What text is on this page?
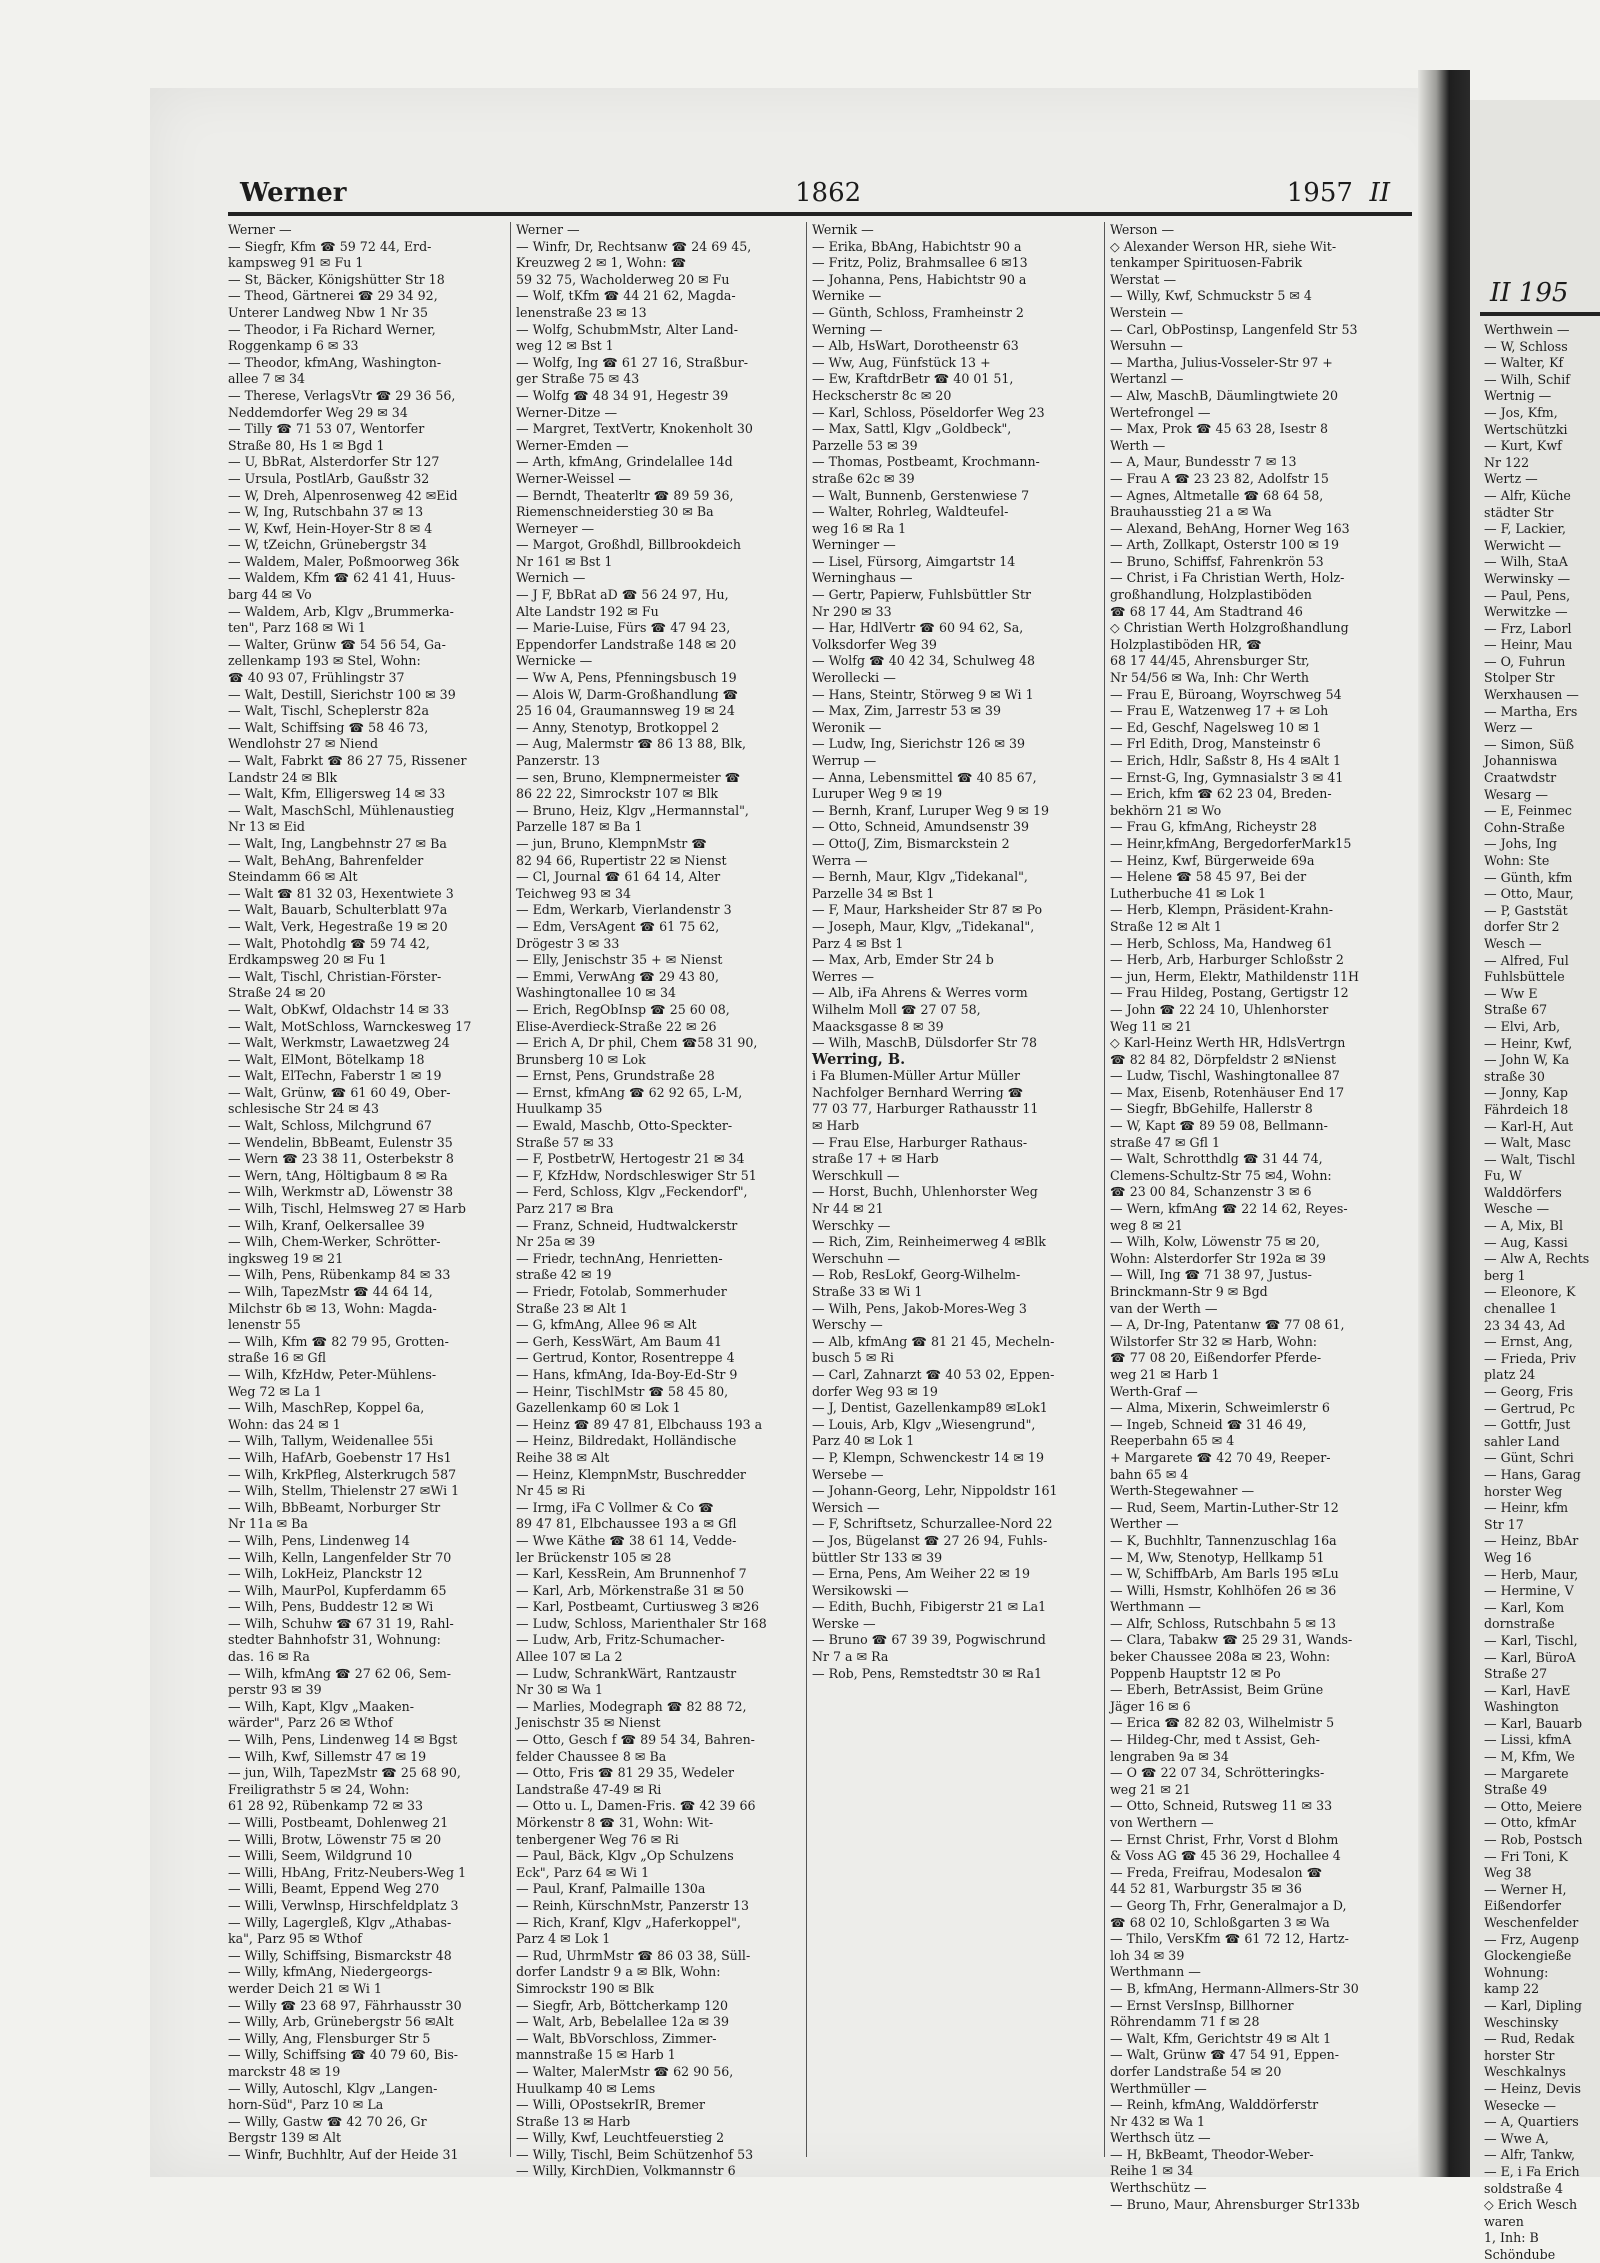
Werner	1862	1957 II
Werner —
— Siegfr, Kfm ☎ 59 72 44, Erd-
kampsweg 91 ✉ Fu 1
— St, Bäcker, Königshütter Str 18
— Theod, Gärtnerei ☎ 29 34 92,
Unterer Landweg Nbw 1 Nr 35
— Theodor, i Fa Richard Werner,
Roggenkamp 6 ✉ 33
— Theodor, kfmAng, Washington-
allee 7 ✉ 34
— Therese, VerlagsVtr ☎ 29 36 56,
Neddemdorfer Weg 29 ✉ 34
— Tilly ☎ 71 53 07, Wentorfer
Straße 80, Hs 1 ✉ Bgd 1
— U, BbRat, Alsterdorfer Str 127
— Ursula, PostlArb, Gaußstr 32
— W, Dreh, Alpenrosenweg 42 ✉Eid
— W, Ing, Rutschbahn 37 ✉ 13
— W, Kwf, Hein-Hoyer-Str 8 ✉ 4
— W, tZeichn, Grünebergstr 34
— Waldem, Maler, Poßmoorweg 36k
— Waldem, Kfm ☎ 62 41 41, Huus-
barg 44 ✉ Vo
— Waldem, Arb, Klgv „Brummerka-
ten", Parz 168 ✉ Wi 1
— Walter, Grünw ☎ 54 56 54, Ga-
zellenkamp 193 ✉ Stel, Wohn:
☎ 40 93 07, Frühlingstr 37
— Walt, Destill, Sierichstr 100 ✉ 39
— Walt, Tischl, Scheplerstr 82a
— Walt, Schiffsing ☎ 58 46 73,
Wendlohstr 27 ✉ Niend
— Walt, Fabrkt ☎ 86 27 75, Rissener
Landstr 24 ✉ Blk
— Walt, Kfm, Elligersweg 14 ✉ 33
— Walt, MaschSchl, Mühlenaustieg
Nr 13 ✉ Eid
— Walt, Ing, Langbehnstr 27 ✉ Ba
— Walt, BehAng, Bahrenfelder
Steindamm 66 ✉ Alt
— Walt ☎ 81 32 03, Hexentwiete 3
— Walt, Bauarb, Schulterblatt 97a
— Walt, Verk, Hegestraße 19 ✉ 20
— Walt, Photohdlg ☎ 59 74 42,
Erdkampsweg 20 ✉ Fu 1
— Walt, Tischl, Christian-Förster-
Straße 24 ✉ 20
— Walt, ObKwf, Oldachstr 14 ✉ 33
— Walt, MotSchloss, Warnckesweg 17
— Walt, Werkmstr, Lawaetzweg 24
— Walt, ElMont, Bötelkamp 18
— Walt, ElTechn, Faberstr 1 ✉ 19
— Walt, Grünw, ☎ 61 60 49, Ober-
schlesische Str 24 ✉ 43
— Walt, Schloss, Milchgrund 67
— Wendelin, BbBeamt, Eulenstr 35
— Wern ☎ 23 38 11, Osterbekstr 8
— Wern, tAng, Höltigbaum 8 ✉ Ra
— Wilh, Werkmstr aD, Löwenstr 38
— Wilh, Tischl, Helmsweg 27 ✉ Harb
— Wilh, Kranf, Oelkersallee 39
— Wilh, Chem-Werker, Schrötter-
ingksweg 19 ✉ 21
— Wilh, Pens, Rübenkamp 84 ✉ 33
— Wilh, TapezMstr ☎ 44 64 14,
Milchstr 6b ✉ 13, Wohn: Magda-
lenenstr 55
— Wilh, Kfm ☎ 82 79 95, Grotten-
straße 16 ✉ Gfl
— Wilh, KfzHdw, Peter-Mühlens-
Weg 72 ✉ La 1
— Wilh, MaschRep, Koppel 6a,
Wohn: das 24 ✉ 1
— Wilh, Tallym, Weidenallee 55i
— Wilh, HafArb, Goebenstr 17 Hs1
— Wilh, KrkPfleg, Alsterkrugch 587
— Wilh, Stellm, Thielenstr 27 ✉Wi 1
— Wilh, BbBeamt, Norburger Str
Nr 11a ✉ Ba
— Wilh, Pens, Lindenweg 14
— Wilh, Kelln, Langenfelder Str 70
— Wilh, LokHeiz, Planckstr 12
— Wilh, MaurPol, Kupferdamm 65
— Wilh, Pens, Buddestr 12 ✉ Wi
— Wilh, Schuhw ☎ 67 31 19, Rahl-
stedter Bahnhofstr 31, Wohnung:
das. 16 ✉ Ra
— Wilh, kfmAng ☎ 27 62 06, Sem-
perstr 93 ✉ 39
— Wilh, Kapt, Klgv „Maaken-
wärder", Parz 26 ✉ Wthof
— Wilh, Pens, Lindenweg 14 ✉ Bgst
— Wilh, Kwf, Sillemstr 47 ✉ 19
— jun, Wilh, TapezMstr ☎ 25 68 90,
Freiligrathstr 5 ✉ 24, Wohn:
61 28 92, Rübenkamp 72 ✉ 33
— Willi, Postbeamt, Dohlenweg 21
— Willi, Brotw, Löwenstr 75 ✉ 20
— Willi, Seem, Wildgrund 10
— Willi, HbAng, Fritz-Neubers-Weg 1
— Willi, Beamt, Eppend Weg 270
— Willi, Verwlnsp, Hirschfeldplatz 3
— Willy, Lagergleß, Klgv „Athabas-
ka", Parz 95 ✉ Wthof
— Willy, Schiffsing, Bismarckstr 48
— Willy, kfmAng, Niedergeorgs-
werder Deich 21 ✉ Wi 1
— Willy ☎ 23 68 97, Fährhausstr 30
— Willy, Arb, Grünebergstr 56 ✉Alt
— Willy, Ang, Flensburger Str 5
— Willy, Schiffsing ☎ 40 79 60, Bis-
marckstr 48 ✉ 19
— Willy, Autoschl, Klgv „Langen-
horn-Süd", Parz 10 ✉ La
— Willy, Gastw ☎ 42 70 26, Gr
Bergstr 139 ✉ Alt
— Winfr, Buchhltr, Auf der Heide 31
Werner —
— Winfr, Dr, Rechtsanw ☎ 24 69 45,
Kreuzweg 2 ✉ 1, Wohn: ☎
59 32 75, Wacholderweg 20 ✉ Fu
— Wolf, tKfm ☎ 44 21 62, Magda-
lenenstraße 23 ✉ 13
— Wolfg, SchubmMstr, Alter Land-
weg 12 ✉ Bst 1
— Wolfg, Ing ☎ 61 27 16, Straßbur-
ger Straße 75 ✉ 43
— Wolfg ☎ 48 34 91, Hegestr 39
Werner-Ditze —
— Margret, TextVertr, Knokenholt 30
Werner-Emden —
— Arth, kfmAng, Grindelallee 14d
Werner-Weissel —
— Berndt, Theaterltr ☎ 89 59 36,
Riemenschneiderstieg 30 ✉ Ba
Werneyer —
— Margot, Großhdl, Billbrookdeich
Nr 161 ✉ Bst 1
Wernich —
— J F, BbRat aD ☎ 56 24 97, Hu,
Alte Landstr 192 ✉ Fu
— Marie-Luise, Fürs ☎ 47 94 23,
Eppendorfer Landstraße 148 ✉ 20
Wernicke —
— Ww A, Pens, Pfenningsbusch 19
— Alois W, Darm-Großhandlung ☎
25 16 04, Graumannsweg 19 ✉ 24
— Anny, Stenotyp, Brotkoppel 2
— Aug, Malermstr ☎ 86 13 88, Blk,
Panzerstr. 13
— sen, Bruno, Klempnermeister ☎
86 22 22, Simrockstr 107 ✉ Blk
— Bruno, Heiz, Klgv „Hermannstal",
Parzelle 187 ✉ Ba 1
— jun, Bruno, KlempnMstr ☎
82 94 66, Rupertistr 22 ✉ Nienst
— Cl, Journal ☎ 61 64 14, Alter
Teichweg 93 ✉ 34
— Edm, Werkarb, Vierlandenstr 3
— Edm, VersAgent ☎ 61 75 62,
Drögestr 3 ✉ 33
— Elly, Jenischstr 35 + ✉ Nienst
— Emmi, VerwAng ☎ 29 43 80,
Washingtonallee 10 ✉ 34
— Erich, RegObInsp ☎ 25 60 08,
Elise-Averdieck-Straße 22 ✉ 26
— Erich A, Dr phil, Chem ☎58 31 90,
Brunsberg 10 ✉ Lok
— Ernst, Pens, Grundstraße 28
— Ernst, kfmAng ☎ 62 92 65, L-M,
Huulkamp 35
— Ewald, Maschb, Otto-Speckter-
Straße 57 ✉ 33
— F, PostbetrW, Hertogestr 21 ✉ 34
— F, KfzHdw, Nordschleswiger Str 51
— Ferd, Schloss, Klgv „Feckendorf",
Parz 217 ✉ Bra
— Franz, Schneid, Hudtwalckerstr
Nr 25a ✉ 39
— Friedr, technAng, Henrietten-
straße 42 ✉ 19
— Friedr, Fotolab, Sommerhuder
Straße 23 ✉ Alt 1
— G, kfmAng, Allee 96 ✉ Alt
— Gerh, KessWärt, Am Baum 41
— Gertrud, Kontor, Rosentreppe 4
— Hans, kfmAng, Ida-Boy-Ed-Str 9
— Heinr, TischlMstr ☎ 58 45 80,
Gazellenkamp 60 ✉ Lok 1
— Heinz ☎ 89 47 81, Elbchauss 193 a
— Heinz, Bildredakt, Holländische
Reihe 38 ✉ Alt
— Heinz, KlempnMstr, Buschredder
Nr 45 ✉ Ri
— Irmg, iFa C Vollmer & Co ☎
89 47 81, Elbchaussee 193 a ✉ Gfl
— Wwe Käthe ☎ 38 61 14, Vedde-
ler Brückenstr 105 ✉ 28
— Karl, KessRein, Am Brunnenhof 7
— Karl, Arb, Mörkenstraße 31 ✉ 50
— Karl, Postbeamt, Curtiusweg 3 ✉26
— Ludw, Schloss, Marienthaler Str 168
— Ludw, Arb, Fritz-Schumacher-
Allee 107 ✉ La 2
— Ludw, SchrankWärt, Rantzaustr
Nr 30 ✉ Wa 1
— Marlies, Modegraph ☎ 82 88 72,
Jenischstr 35 ✉ Nienst
— Otto, Gesch f ☎ 89 54 34, Bahren-
felder Chaussee 8 ✉ Ba
— Otto, Fris ☎ 81 29 35, Wedeler
Landstraße 47-49 ✉ Ri
— Otto u. L, Damen-Fris. ☎ 42 39 66
Mörkenstr 8 ☎ 31, Wohn: Wit-
tenbergener Weg 76 ✉ Ri
— Paul, Bäck, Klgv „Op Schulzens
Eck", Parz 64 ✉ Wi 1
— Paul, Kranf, Palmaille 130a
— Reinh, KürschnMstr, Panzerstr 13
— Rich, Kranf, Klgv „Haferkoppel",
Parz 4 ✉ Lok 1
— Rud, UhrmMstr ☎ 86 03 38, Süll-
dorfer Landstr 9 a ✉ Blk, Wohn:
Simrockstr 190 ✉ Blk
— Siegfr, Arb, Böttcherkamp 120
— Walt, Arb, Bebelallee 12a ✉ 39
— Walt, BbVorschloss, Zimmer-
mannstraße 15 ✉ Harb 1
— Walter, MalerMstr ☎ 62 90 56,
Huulkamp 40 ✉ Lems
— Willi, OPostsekrIR, Bremer
Straße 13 ✉ Harb
— Willy, Kwf, Leuchtfeuerstieg 2
— Willy, Tischl, Beim Schützenhof 53
— Willy, KirchDien, Volkmannstr 6
Wernik —
— Erika, BbAng, Habichtstr 90 a
— Fritz, Poliz, Brahmsallee 6 ✉13
— Johanna, Pens, Habichtstr 90 a
Wernike —
— Günth, Schloss, Framheinstr 2
Werning —
— Alb, HsWart, Dorotheenstr 63
— Ww, Aug, Fünfstück 13 +
— Ew, KraftdrBetr ☎ 40 01 51,
Heckscherstr 8c ✉ 20
— Karl, Schloss, Pöseldorfer Weg 23
— Max, Sattl, Klgv „Goldbeck",
Parzelle 53 ✉ 39
— Thomas, Postbeamt, Krochmann-
straße 62c ✉ 39
— Walt, Bunnenb, Gerstenwiese 7
— Walter, Rohrleg, Waldteufel-
weg 16 ✉ Ra 1
Werninger —
— Lisel, Fürsorg, Aimgartstr 14
Werninghaus —
— Gertr, Papierw, Fuhlsbüttler Str
Nr 290 ✉ 33
— Har, HdlVertr ☎ 60 94 62, Sa,
Volksdorfer Weg 39
— Wolfg ☎ 40 42 34, Schulweg 48
Werollecki —
— Hans, Steintr, Störweg 9 ✉ Wi 1
— Max, Zim, Jarrestr 53 ✉ 39
Weronik —
— Ludw, Ing, Sierichstr 126 ✉ 39
Werrup —
— Anna, Lebensmittel ☎ 40 85 67,
Luruper Weg 9 ✉ 19
— Bernh, Kranf, Luruper Weg 9 ✉ 19
— Otto, Schneid, Amundsenstr 39
— Otto(J, Zim, Bismarckstein 2
Werra —
— Bernh, Maur, Klgv „Tidekanal",
Parzelle 34 ✉ Bst 1
— F, Maur, Harksheider Str 87 ✉ Po
— Joseph, Maur, Klgv, „Tidekanal",
Parz 4 ✉ Bst 1
— Max, Arb, Emder Str 24 b
Werres —
— Alb, iFa Ahrens & Werres vorm
Wilhelm Moll ☎ 27 07 58,
Maacksgasse 8 ✉ 39
— Wilh, MaschB, Dülsdorfer Str 78
Werring, B.
i Fa Blumen-Müller Artur Müller
Nachfolger Bernhard Werring ☎
77 03 77, Harburger Rathausstr 11
✉ Harb
— Frau Else, Harburger Rathaus-
straße 17 + ✉ Harb
Werschkull —
— Horst, Buchh, Uhlenhorster Weg
Nr 44 ✉ 21
Werschky —
— Rich, Zim, Reinheimerweg 4 ✉Blk
Werschuhn —
— Rob, ResLokf, Georg-Wilhelm-
Straße 33 ✉ Wi 1
— Wilh, Pens, Jakob-Mores-Weg 3
Werschy —
— Alb, kfmAng ☎ 81 21 45, Mecheln-
busch 5 ✉ Ri
— Carl, Zahnarzt ☎ 40 53 02, Eppen-
dorfer Weg 93 ✉ 19
— J, Dentist, Gazellenkamp89 ✉Lok1
— Louis, Arb, Klgv „Wiesengrund",
Parz 40 ✉ Lok 1
— P, Klempn, Schwenckestr 14 ✉ 19
Wersebe —
— Johann-Georg, Lehr, Nippoldstr 161
Wersich —
— F, Schriftsetz, Schurzallee-Nord 22
— Jos, Bügelanst ☎ 27 26 94, Fuhls-
büttler Str 133 ✉ 39
— Erna, Pens, Am Weiher 22 ✉ 19
Wersikowski —
— Edith, Buchh, Fibigerstr 21 ✉ La1
Werske —
— Bruno ☎ 67 39 39, Pogwischrund
Nr 7 a ✉ Ra
— Rob, Pens, Remstedtstr 30 ✉ Ra1
Werson —
◇ Alexander Werson HR, siehe Wit-
tenkamper Spirituosen-Fabrik
Werstat —
— Willy, Kwf, Schmuckstr 5 ✉ 4
Werstein —
— Carl, ObPostinsp, Langenfeld Str 53
Wersuhn —
— Martha, Julius-Vosseler-Str 97 +
Wertanzl —
— Alw, MaschB, Däumlingtwiete 20
Wertefrongel —
— Max, Prok ☎ 45 63 28, Isestr 8
Werth —
— A, Maur, Bundesstr 7 ✉ 13
— Frau A ☎ 23 23 82, Adolfstr 15
— Agnes, Altmetalle ☎ 68 64 58,
Brauhausstieg 21 a ✉ Wa
— Alexand, BehAng, Horner Weg 163
— Arth, Zollkapt, Osterstr 100 ✉ 19
— Bruno, Schiffsf, Fahrenkrön 53
— Christ, i Fa Christian Werth, Holz-
großhandlung, Holzplastiböden
☎ 68 17 44, Am Stadtrand 46
◇ Christian Werth Holzgroßhandlung
Holzplastiböden HR, ☎
68 17 44/45, Ahrensburger Str,
Nr 54/56 ✉ Wa, Inh: Chr Werth
— Frau E, Büroang, Woyrschweg 54
— Frau E, Watzenweg 17 + ✉ Loh
— Ed, Geschf, Nagelsweg 10 ✉ 1
— Frl Edith, Drog, Mansteinstr 6
— Erich, Hdlr, Saßstr 8, Hs 4 ✉Alt 1
— Ernst-G, Ing, Gymnasialstr 3 ✉ 41
— Erich, kfm ☎ 62 23 04, Breden-
bekhörn 21 ✉ Wo
— Frau G, kfmAng, Richeystr 28
— Heinr,kfmAng, BergedorferMark15
— Heinz, Kwf, Bürgerweide 69a
— Helene ☎ 58 45 97, Bei der
Lutherbuche 41 ✉ Lok 1
— Herb, Klempn, Präsident-Krahn-
Straße 12 ✉ Alt 1
— Herb, Schloss, Ma, Handweg 61
— Herb, Arb, Harburger Schloßstr 2
— jun, Herm, Elektr, Mathildenstr 11H
— Frau Hildeg, Postang, Gertigstr 12
— John ☎ 22 24 10, Uhlenhorster
Weg 11 ✉ 21
◇ Karl-Heinz Werth HR, HdlsVertrgn
☎ 82 84 82, Dörpfeldstr 2 ✉Nienst
— Ludw, Tischl, Washingtonallee 87
— Max, Eisenb, Rotenhäuser End 17
— Siegfr, BbGehilfe, Hallerstr 8
— W, Kapt ☎ 89 59 08, Bellmann-
straße 47 ✉ Gfl 1
— Walt, Schrotthdlg ☎ 31 44 74,
Clemens-Schultz-Str 75 ✉4, Wohn:
☎ 23 00 84, Schanzenstr 3 ✉ 6
— Wern, kfmAng ☎ 22 14 62, Reyes-
weg 8 ✉ 21
— Wilh, Kolw, Löwenstr 75 ✉ 20,
Wohn: Alsterdorfer Str 192a ✉ 39
— Will, Ing ☎ 71 38 97, Justus-
Brinckmann-Str 9 ✉ Bgd
van der Werth —
— A, Dr-Ing, Patentanw ☎ 77 08 61,
Wilstorfer Str 32 ✉ Harb, Wohn:
☎ 77 08 20, Eißendorfer Pferde-
weg 21 ✉ Harb 1
Werth-Graf —
— Alma, Mixerin, Schweimlerstr 6
— Ingeb, Schneid ☎ 31 46 49,
Reeperbahn 65 ✉ 4
+ Margarete ☎ 42 70 49, Reeper-
bahn 65 ✉ 4
Werth-Stegewahner —
— Rud, Seem, Martin-Luther-Str 12
Werther —
— K, Buchhltr, Tannenzuschlag 16a
— M, Ww, Stenotyp, Hellkamp 51
— W, SchiffbArb, Am Barls 195 ✉Lu
— Willi, Hsmstr, Kohlhöfen 26 ✉ 36
Werthmann —
— Alfr, Schloss, Rutschbahn 5 ✉ 13
— Clara, Tabakw ☎ 25 29 31, Wands-
beker Chaussee 208a ✉ 23, Wohn:
Poppenb Hauptstr 12 ✉ Po
— Eberh, BetrAssist, Beim Grüne
Jäger 16 ✉ 6
— Erica ☎ 82 82 03, Wilhelmistr 5
— Hildeg-Chr, med t Assist, Geh-
lengraben 9a ✉ 34
— O ☎ 22 07 34, Schrötteringks-
weg 21 ✉ 21
— Otto, Schneid, Rutsweg 11 ✉ 33
von Werthern —
— Ernst Christ, Frhr, Vorst d Blohm
& Voss AG ☎ 45 36 29, Hochallee 4
— Freda, Freifrau, Modesalon ☎
44 52 81, Warburgstr 35 ✉ 36
— Georg Th, Frhr, Generalmajor a D,
☎ 68 02 10, Schloßgarten 3 ✉ Wa
— Thilo, VersKfm ☎ 61 72 12, Hartz-
loh 34 ✉ 39
Werthmann —
— B, kfmAng, Hermann-Allmers-Str 30
— Ernst VersInsp, Billhorner
Röhrendamm 71 f ✉ 28
— Walt, Kfm, Gerichtstr 49 ✉ Alt 1
— Walt, Grünw ☎ 47 54 91, Eppen-
dorfer Landstraße 54 ✉ 20
Werthmüller —
— Reinh, kfmAng, Walddörferstr
Nr 432 ✉ Wa 1
Werthsch ütz —
— H, BkBeamt, Theodor-Weber-
Reihe 1 ✉ 34
Werthschütz —
— Bruno, Maur, Ahrensburger Str133b
II 195
Werthwein —
— W, Schloss
— Walter, Kf
— Wilh, Schif
Wertnig —
— Jos, Kfm,
Wertschützki
— Kurt, Kwf
Nr 122
Wertz —
— Alfr, Küche
städter Str
— F, Lackier,
Werwicht —
— Wilh, StaA
Werwinsky —
— Paul, Pens,
Werwitzke —
— Frz, Laborl
— Heinr, Mau
— O, Fuhrun
Stolper Str
Werxhausen —
— Martha, Ers
Werz —
— Simon, Süß
Johanniswa
Craatwdstr
Wesarg —
— E, Feinmec
Cohn-Straße
— Johs, Ing
Wohn: Ste
— Günth, kfm
— Otto, Maur,
— P, Gaststät
dorfer Str 2
Wesch —
— Alfred, Ful
Fuhlsbüttele
— Ww E
Straße 67
— Elvi, Arb,
— Heinr, Kwf,
— John W, Ka
straße 30
— Jonny, Kap
Fährdeich 18
— Karl-H, Aut
— Walt, Masc
— Walt, Tischl
Fu, W
Walddörfers
Wesche —
— A, Mix, Bl
— Aug, Kassi
— Alw A, Rechts
berg 1
— Eleonore, K
chenallee 1
23 34 43, Ad
— Ernst, Ang,
— Frieda, Priv
platz 24
— Georg, Fris
— Gertrud, Pc
— Gottfr, Just
sahler Land
— Günt, Schri
— Hans, Garag
horster Weg
— Heinr, kfm
Str 17
— Heinz, BbAr
Weg 16
— Herb, Maur,
— Hermine, V
— Karl, Kom
dornstraße
— Karl, Tischl,
— Karl, BüroA
Straße 27
— Karl, HavE
Washington
— Karl, Bauarb
— Lissi, kfmA
— M, Kfm, We
— Margarete
Straße 49
— Otto, Meiere
— Otto, kfmAr
— Rob, Postsch
— Fri Toni, K
Weg 38
— Werner H,
Eißendorfer
Weschenfelder
— Frz, Augenp
Glockengieße
Wohnung:
kamp 22
— Karl, Dipling
Weschinsky
— Rud, Redak
horster Str
Weschkalnys
— Heinz, Devis
Wesecke —
— A, Quartiers
— Wwe A,
— Alfr, Tankw,
— E, i Fa Erich
soldstraße 4
◇ Erich Wesch
waren
1, Inh: B
Schöndube
